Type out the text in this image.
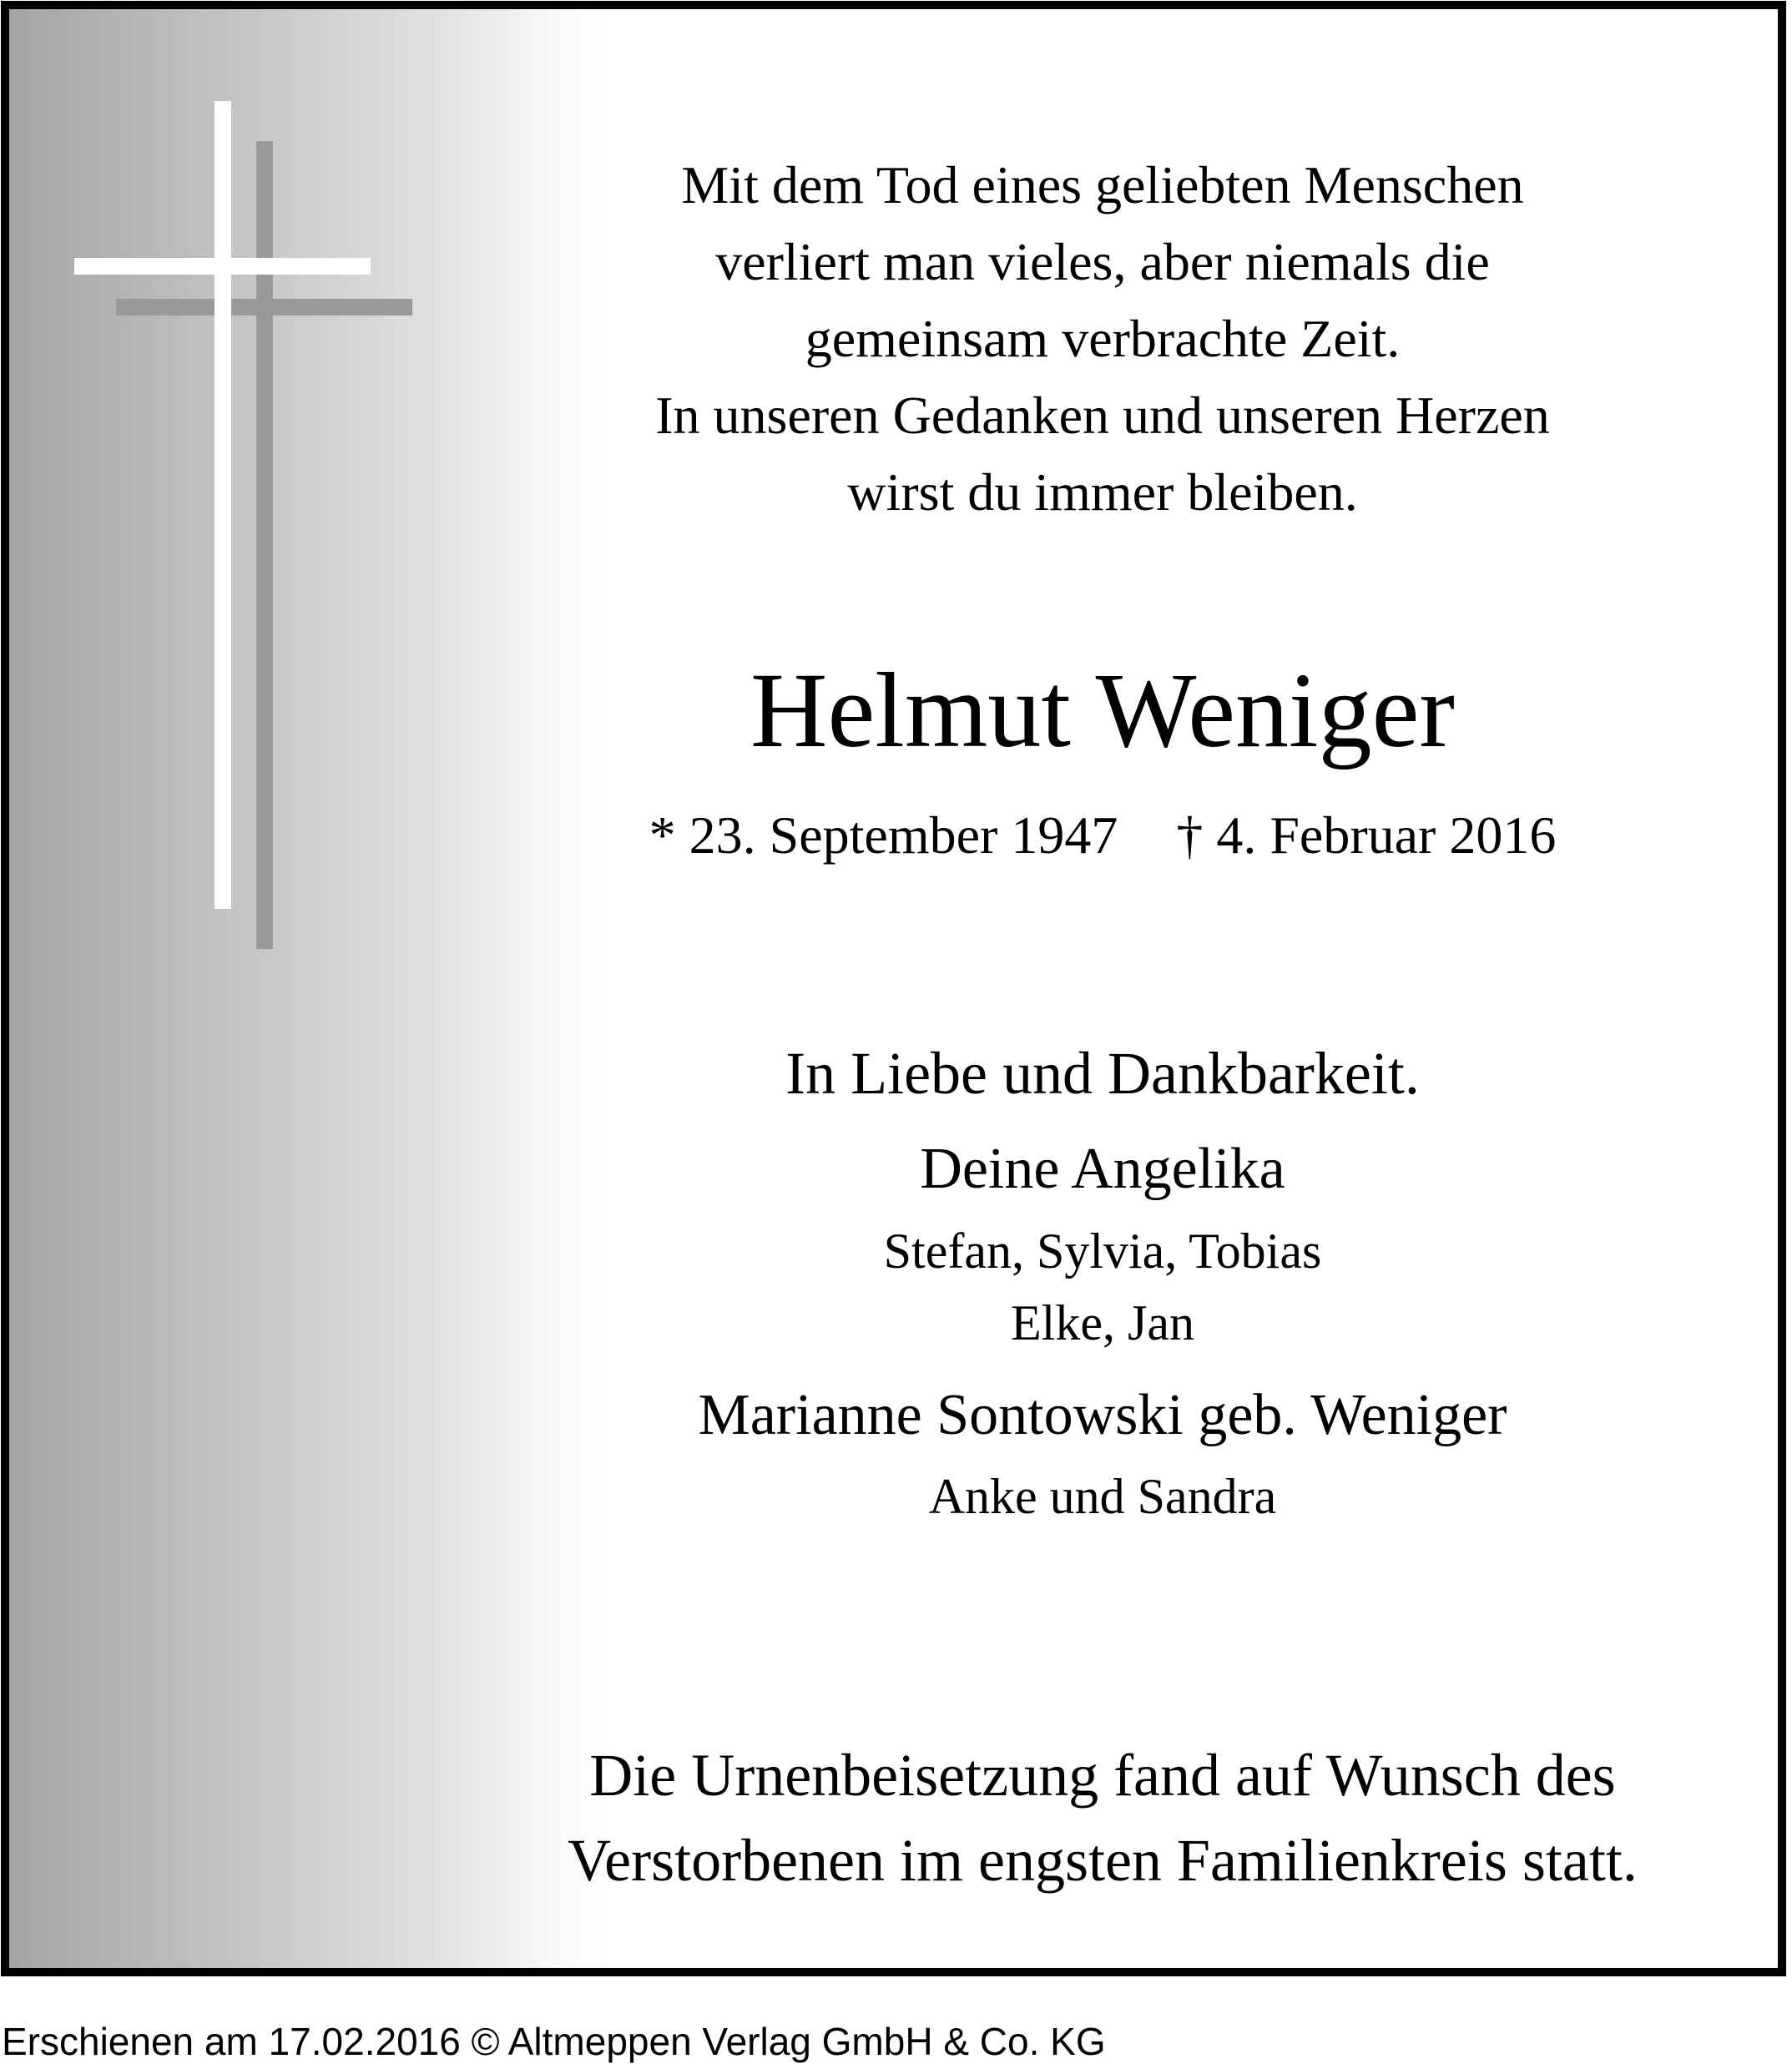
Mit dem Tod eines geliebten Menschen
verliert man vieles, aber niemals die
gemeinsam verbrachte Zeit.
In unseren Gedanken und unseren Herzen
wirst du immer bleiben.
Helmut Weniger
* 23. September 1947 † 4. Februar 2016
In Liebe und Dankbarkeit.
Deine Angelika
Stefan, Sylvia, Tobias
Elke, Jan
Marianne Sontowski geb. Weniger
Anke und Sandra
Die Urnenbeisetzung fand auf Wunsch des
Verstorbenen im engsten Familienkreis statt.
Erschienen am 17.02.2016 © Altmeppen Verlag GmbH & Co. KG
